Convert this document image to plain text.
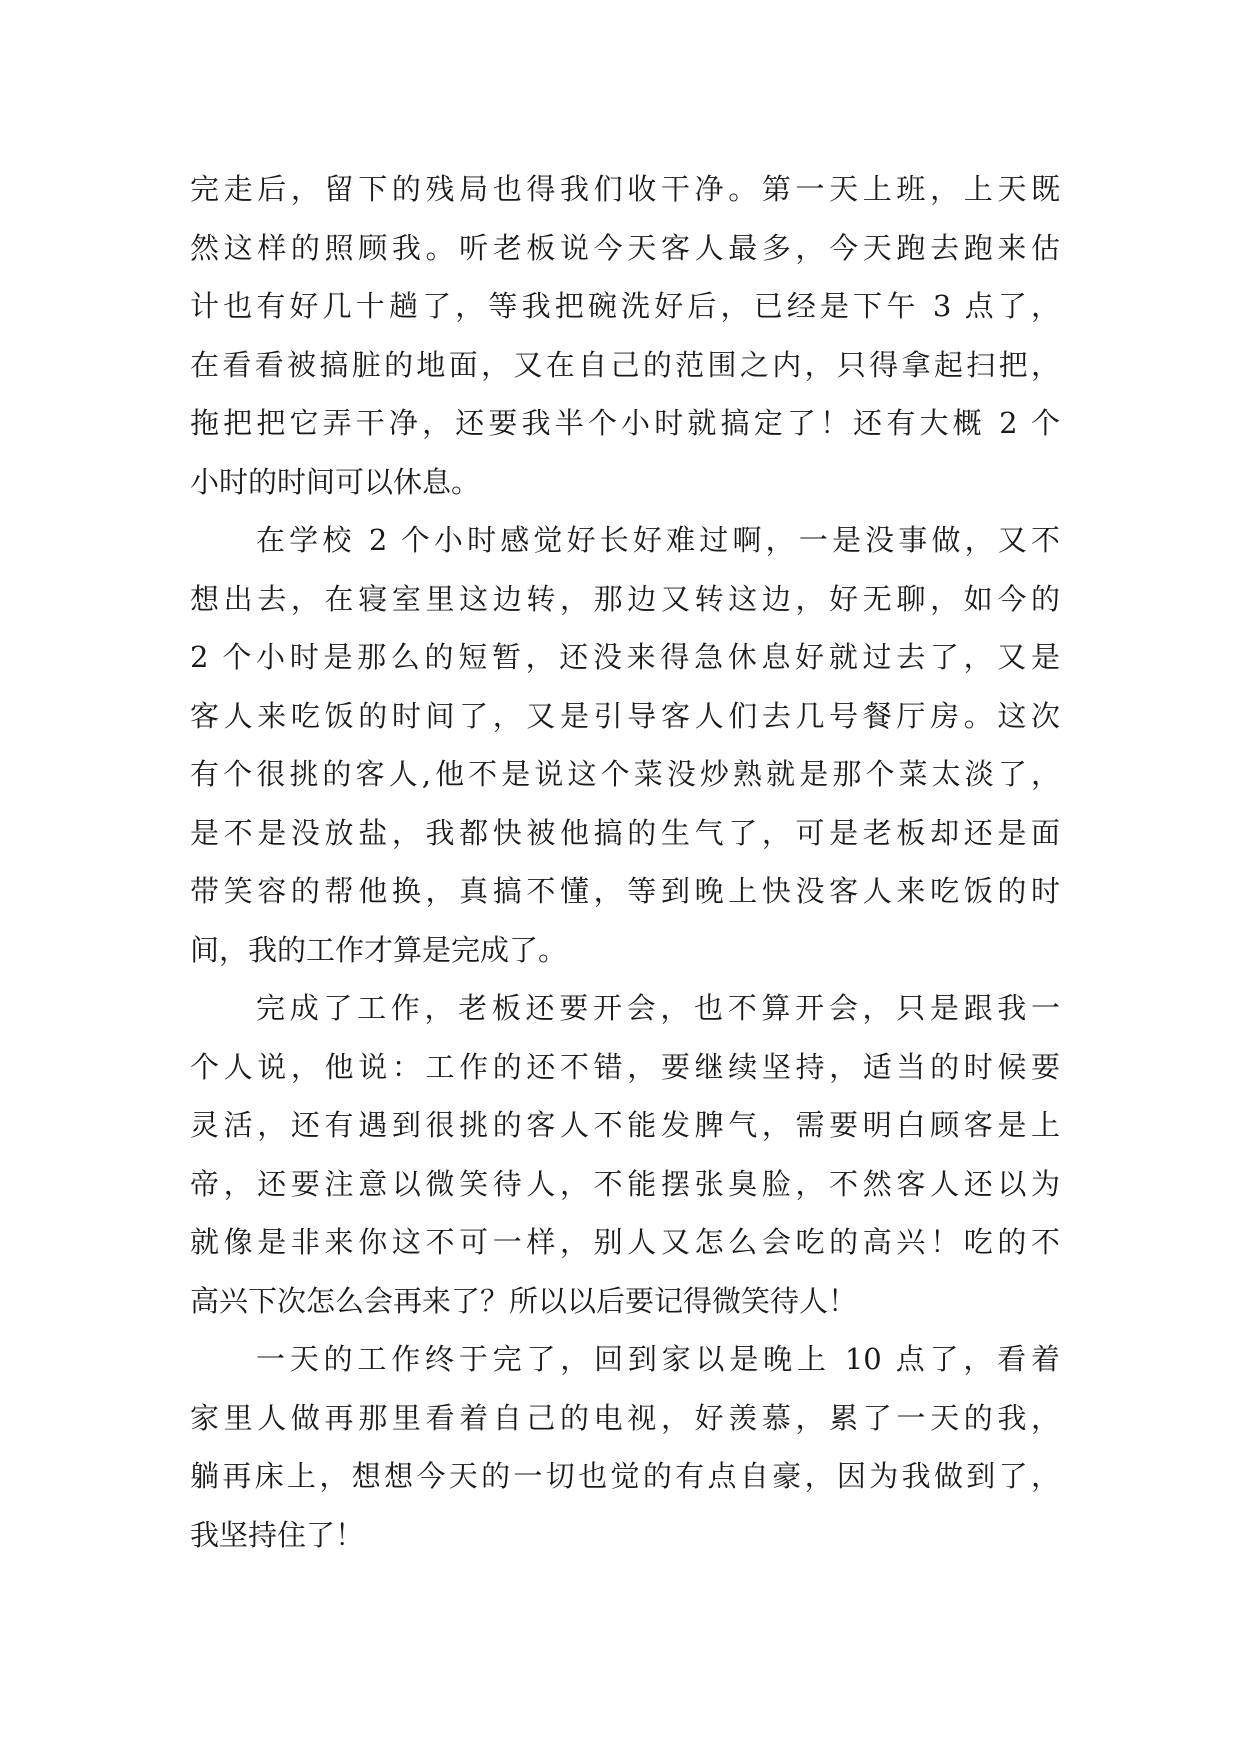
完走后，留下的残局也得我们收干净。第一天上班，上天既
然这样的照顾我。听老板说今天客人最多，今天跑去跑来估
计也有好几十趟了，等我把碗洗好后，已经是下午 3 点了，
在看看被搞脏的地面，又在自己的范围之内，只得拿起扫把，
拖把把它弄干净，还要我半个小时就搞定了！还有大概 2 个
小时的时间可以休息。
在学校 2 个小时感觉好长好难过啊，一是没事做，又不
想出去，在寝室里这边转，那边又转这边，好无聊，如今的
2 个小时是那么的短暂，还没来得急休息好就过去了，又是
客人来吃饭的时间了，又是引导客人们去几号餐厅房。这次
有个很挑的客人,他不是说这个菜没炒熟就是那个菜太淡了，
是不是没放盐，我都快被他搞的生气了，可是老板却还是面
带笑容的帮他换，真搞不懂，等到晚上快没客人来吃饭的时
间，我的工作才算是完成了。
完成了工作，老板还要开会，也不算开会，只是跟我一
个人说，他说：工作的还不错，要继续坚持，适当的时候要
灵活，还有遇到很挑的客人不能发脾气，需要明白顾客是上
帝，还要注意以微笑待人，不能摆张臭脸，不然客人还以为
就像是非来你这不可一样，别人又怎么会吃的高兴！吃的不
高兴下次怎么会再来了？所以以后要记得微笑待人！
一天的工作终于完了，回到家以是晚上 10 点了，看着
家里人做再那里看着自己的电视，好羡慕，累了一天的我，
躺再床上，想想今天的一切也觉的有点自豪，因为我做到了，
我坚持住了！
